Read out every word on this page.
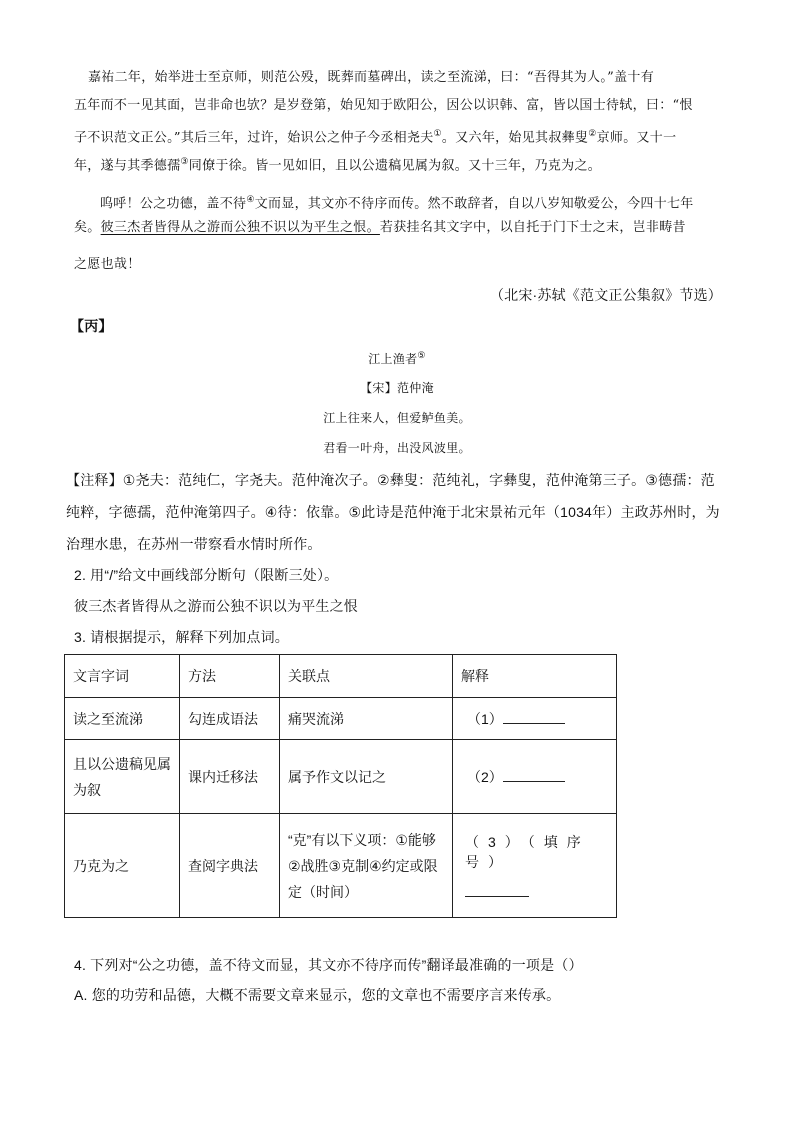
嘉祐二年，始举进士至京师，则范公殁，既葬而墓碑出，读之至流涕，曰：“吾得其为人。”盖十有
五年而不一见其面，岂非命也欤？是岁登第，始见知于欧阳公，因公以识韩、富，皆以国士待轼，曰：“恨
子不识范文正公。”其后三年，过许，始识公之仲子今丞相尧夫①。又六年，始见其叔彝叟②京师。又十一
年，遂与其季德孺③同僚于徐。皆一见如旧，且以公遗稿见属为叙。又十三年，乃克为之。
呜呼！公之功德，盖不待④文而显，其文亦不待序而传。然不敢辞者，自以八岁知敬爱公，今四十七年
矣。彼三杰者皆得从之游而公独不识以为平生之恨。若获挂名其文字中，以自托于门下士之末，岂非畴昔
之愿也哉！
（北宋·苏轼《范文正公集叙》节选）
【丙】
江上渔者⑤
【宋】范仲淹
江上往来人，但爱鲈鱼美。
君看一叶舟，出没风波里。
【注释】①尧夫：范纯仁，字尧夫。范仲淹次子。②彝叟：范纯礼，字彝叟，范仲淹第三子。③德孺：范
纯粹，字德孺，范仲淹第四子。④待：依靠。⑤此诗是范仲淹于北宋景祐元年（1034年）主政苏州时，为
治理水患，在苏州一带察看水情时所作。
2. 用“/”给文中画线部分断句（限断三处）。
彼三杰者皆得从之游而公独不识以为平生之恨
3. 请根据提示，解释下列加点词。
文言字词	方法	关联点	解释
读之至流涕	勾连成语法	痛哭流涕	（1）
且以公遗稿见属为叙	课内迁移法	属予作文以记之	（2）
乃克为之	查阅字典法	“克”有以下义项：①能够②战胜③克制④约定或限定（时间）	（3）（填序号）
4. 下列对“公之功德，盖不待文而显，其文亦不待序而传”翻译最准确的一项是（）
A. 您的功劳和品德，大概不需要文章来显示，您的文章也不需要序言来传承。
